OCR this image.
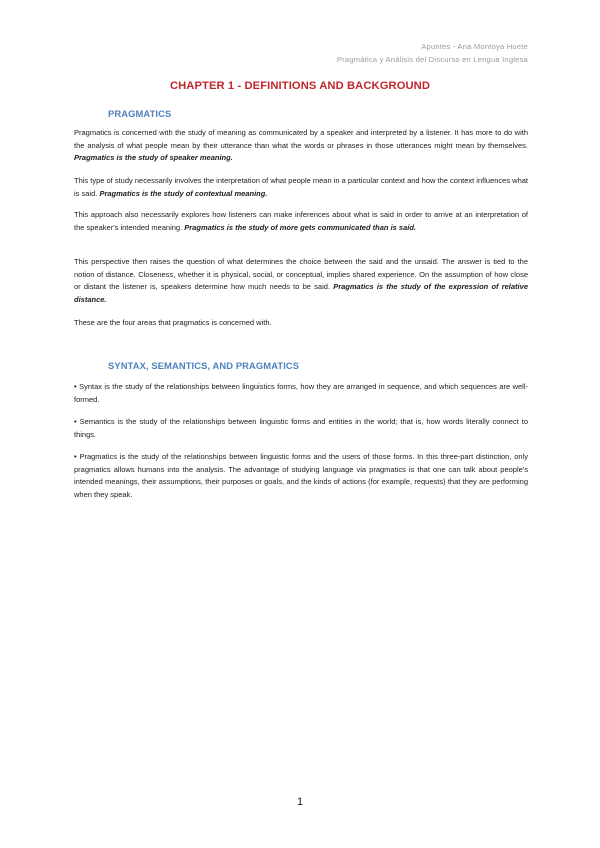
Apuntes - Ana Montoya Huete
Pragmática y Análisis del Discurso en Lengua Inglesa
CHAPTER 1 - DEFINITIONS AND BACKGROUND
PRAGMATICS
Pragmatics is concerned with the study of meaning as communicated by a speaker and interpreted by a listener. It has more to do with the analysis of what people mean by their utterance than what the words or phrases in those utterances might mean by themselves. Pragmatics is the study of speaker meaning.
This type of study necessarily involves the interpretation of what people mean in a particular context and how the context influences what is said. Pragmatics is the study of contextual meaning.
This approach also necessarily explores how listeners can make inferences about what is said in order to arrive at an interpretation of the speaker's intended meaning. Pragmatics is the study of more gets communicated than is said.
This perspective then raises the question of what determines the choice between the said and the unsaid. The answer is tied to the notion of distance. Closeness, whether it is physical, social, or conceptual, implies shared experience. On the assumption of how close or distant the listener is, speakers determine how much needs to be said. Pragmatics is the study of the expression of relative distance.
These are the four areas that pragmatics is concerned with.
SYNTAX, SEMANTICS, AND PRAGMATICS
• Syntax is the study of the relationships between linguistics forms, how they are arranged in sequence, and which sequences are well-formed.
• Semantics is the study of the relationships between linguistic forms and entities in the world; that is, how words literally connect to things.
• Pragmatics is the study of the relationships between linguistic forms and the users of those forms. In this three-part distinction, only pragmatics allows humans into the analysis. The advantage of studying language via pragmatics is that one can talk about people's intended meanings, their assumptions, their purposes or goals, and the kinds of actions (for example, requests) that they are performing when they speak.
1
